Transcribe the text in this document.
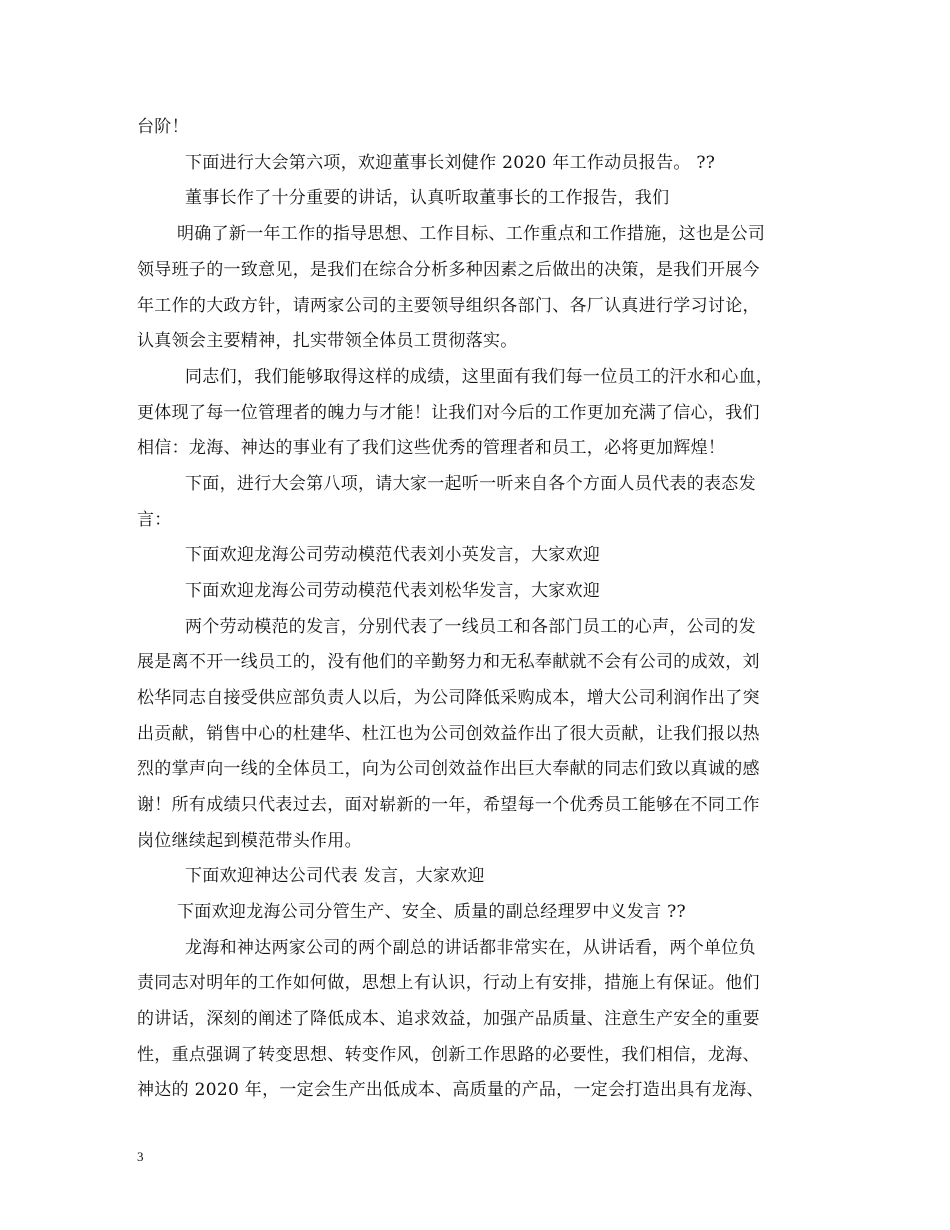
台阶！
下面进行大会第六项，欢迎董事长刘健作 2020 年工作动员报告。 ??
董事长作了十分重要的讲话，认真听取董事长的工作报告，我们
明确了新一年工作的指导思想、工作目标、工作重点和工作措施，这也是公司
领导班子的一致意见，是我们在综合分析多种因素之后做出的决策，是我们开展今
年工作的大政方针，请两家公司的主要领导组织各部门、各厂认真进行学习讨论，
认真领会主要精神，扎实带领全体员工贯彻落实。
同志们，我们能够取得这样的成绩，这里面有我们每一位员工的汗水和心血，
更体现了每一位管理者的魄力与才能！让我们对今后的工作更加充满了信心，我们
相信：龙海、神达的事业有了我们这些优秀的管理者和员工，必将更加辉煌！
下面，进行大会第八项，请大家一起听一听来自各个方面人员代表的表态发
言：
下面欢迎龙海公司劳动模范代表刘小英发言，大家欢迎
下面欢迎龙海公司劳动模范代表刘松华发言，大家欢迎
两个劳动模范的发言，分别代表了一线员工和各部门员工的心声，公司的发
展是离不开一线员工的，没有他们的辛勤努力和无私奉献就不会有公司的成效，刘
松华同志自接受供应部负责人以后，为公司降低采购成本，增大公司利润作出了突
出贡献，销售中心的杜建华、杜江也为公司创效益作出了很大贡献，让我们报以热
烈的掌声向一线的全体员工，向为公司创效益作出巨大奉献的同志们致以真诚的感
谢！所有成绩只代表过去，面对崭新的一年，希望每一个优秀员工能够在不同工作
岗位继续起到模范带头作用。
下面欢迎神达公司代表 发言，大家欢迎
下面欢迎龙海公司分管生产、安全、质量的副总经理罗中义发言 ??
龙海和神达两家公司的两个副总的讲话都非常实在，从讲话看，两个单位负
责同志对明年的工作如何做，思想上有认识，行动上有安排，措施上有保证。他们
的讲话，深刻的阐述了降低成本、追求效益，加强产品质量、注意生产安全的重要
性，重点强调了转变思想、转变作风，创新工作思路的必要性，我们相信，龙海、
神达的 2020 年，一定会生产出低成本、高质量的产品，一定会打造出具有龙海、
3
